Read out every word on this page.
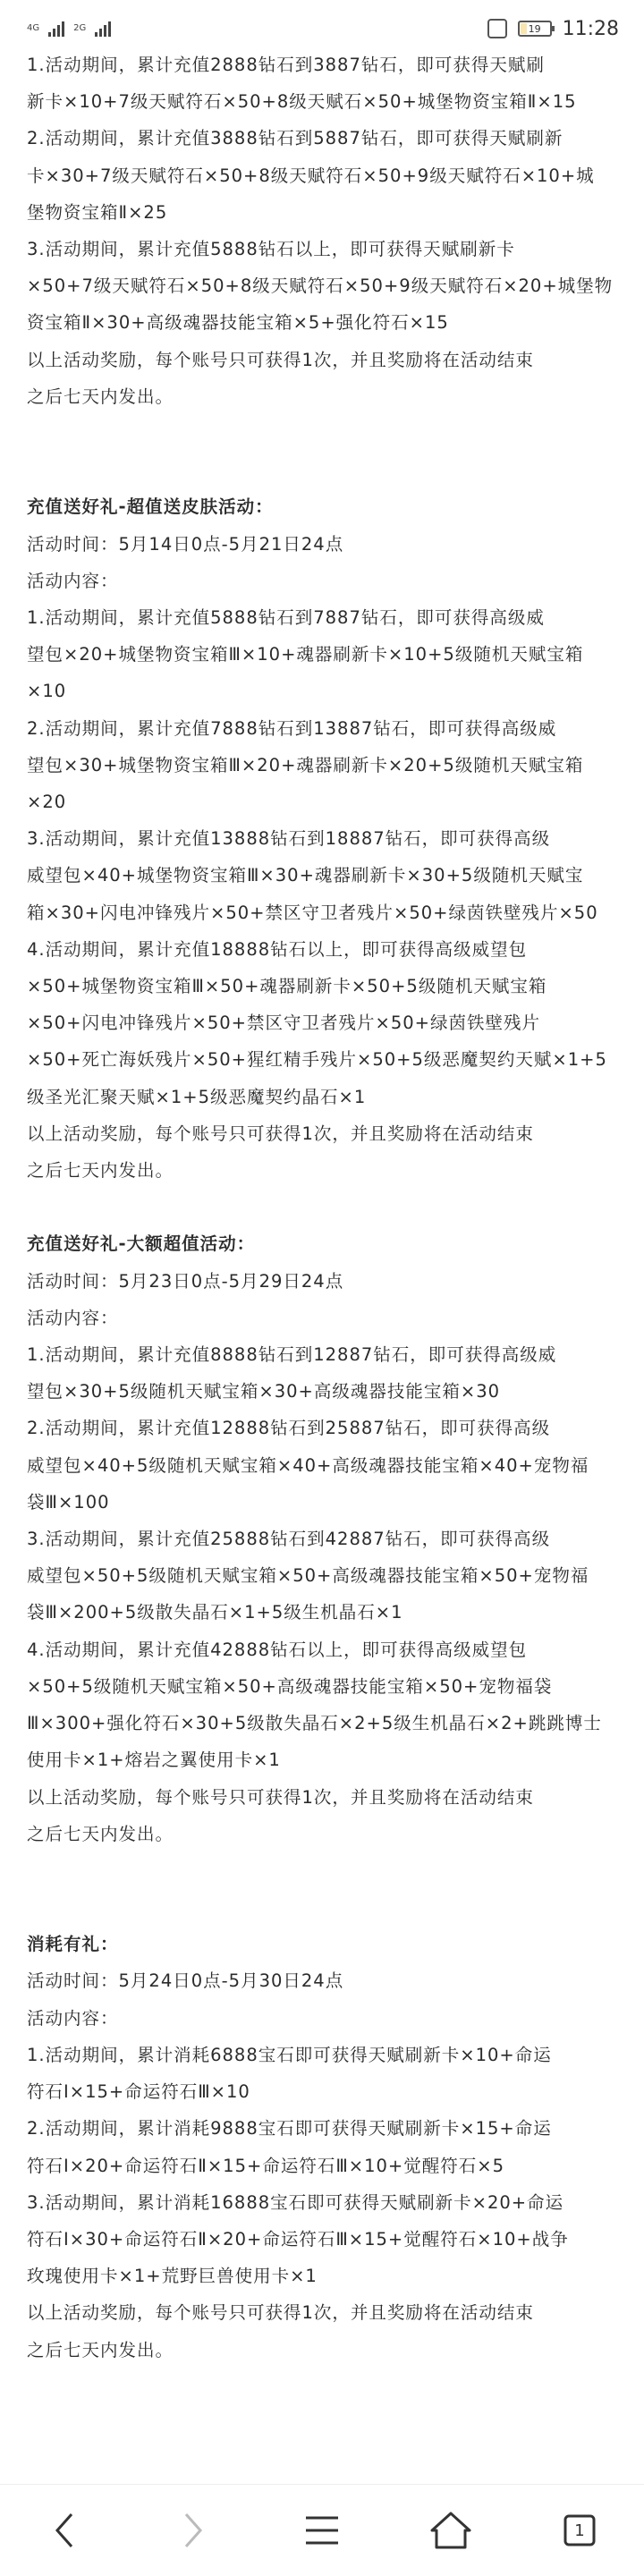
4G	2G	19 11:28
1.活动期间，累计充值2888钻石到3887钻石，即可获得天赋刷
新卡×10+7级天赋符石×50+8级天赋石×50+城堡物资宝箱Ⅱ×15
2.活动期间，累计充值3888钻石到5887钻石，即可获得天赋刷新
卡×30+7级天赋符石×50+8级天赋符石×50+9级天赋符石×10+城
堡物资宝箱Ⅱ×25
3.活动期间，累计充值5888钻石以上，即可获得天赋刷新卡
×50+7级天赋符石×50+8级天赋符石×50+9级天赋符石×20+城堡物
资宝箱Ⅱ×30+高级魂器技能宝箱×5+强化符石×15
以上活动奖励，每个账号只可获得1次，并且奖励将在活动结束
之后七天内发出。
充值送好礼-超值送皮肤活动：
活动时间：5月14日0点-5月21日24点
活动内容：
1.活动期间，累计充值5888钻石到7887钻石，即可获得高级威
望包×20+城堡物资宝箱Ⅲ×10+魂器刷新卡×10+5级随机天赋宝箱
×10
2.活动期间，累计充值7888钻石到13887钻石，即可获得高级威
望包×30+城堡物资宝箱Ⅲ×20+魂器刷新卡×20+5级随机天赋宝箱
×20
3.活动期间，累计充值13888钻石到18887钻石，即可获得高级
威望包×40+城堡物资宝箱Ⅲ×30+魂器刷新卡×30+5级随机天赋宝
箱×30+闪电冲锋残片×50+禁区守卫者残片×50+绿茵铁壁残片×50
4.活动期间，累计充值18888钻石以上，即可获得高级威望包
×50+城堡物资宝箱Ⅲ×50+魂器刷新卡×50+5级随机天赋宝箱
×50+闪电冲锋残片×50+禁区守卫者残片×50+绿茵铁壁残片
×50+死亡海妖残片×50+猩红精手残片×50+5级恶魔契约天赋×1+5
级圣光汇聚天赋×1+5级恶魔契约晶石×1
以上活动奖励，每个账号只可获得1次，并且奖励将在活动结束
之后七天内发出。
充值送好礼-大额超值活动：
活动时间：5月23日0点-5月29日24点
活动内容：
1.活动期间，累计充值8888钻石到12887钻石，即可获得高级威
望包×30+5级随机天赋宝箱×30+高级魂器技能宝箱×30
2.活动期间，累计充值12888钻石到25887钻石，即可获得高级
威望包×40+5级随机天赋宝箱×40+高级魂器技能宝箱×40+宠物福
袋Ⅲ×100
3.活动期间，累计充值25888钻石到42887钻石，即可获得高级
威望包×50+5级随机天赋宝箱×50+高级魂器技能宝箱×50+宠物福
袋Ⅲ×200+5级散失晶石×1+5级生机晶石×1
4.活动期间，累计充值42888钻石以上，即可获得高级威望包
×50+5级随机天赋宝箱×50+高级魂器技能宝箱×50+宠物福袋
Ⅲ×300+强化符石×30+5级散失晶石×2+5级生机晶石×2+跳跳博士
使用卡×1+熔岩之翼使用卡×1
以上活动奖励，每个账号只可获得1次，并且奖励将在活动结束
之后七天内发出。
消耗有礼：
活动时间：5月24日0点-5月30日24点
活动内容：
1.活动期间，累计消耗6888宝石即可获得天赋刷新卡×10+命运
符石Ⅰ×15+命运符石Ⅲ×10
2.活动期间，累计消耗9888宝石即可获得天赋刷新卡×15+命运
符石Ⅰ×20+命运符石Ⅱ×15+命运符石Ⅲ×10+觉醒符石×5
3.活动期间，累计消耗16888宝石即可获得天赋刷新卡×20+命运
符石Ⅰ×30+命运符石Ⅱ×20+命运符石Ⅲ×15+觉醒符石×10+战争
玫瑰使用卡×1+荒野巨兽使用卡×1
以上活动奖励，每个账号只可获得1次，并且奖励将在活动结束
之后七天内发出。
1
